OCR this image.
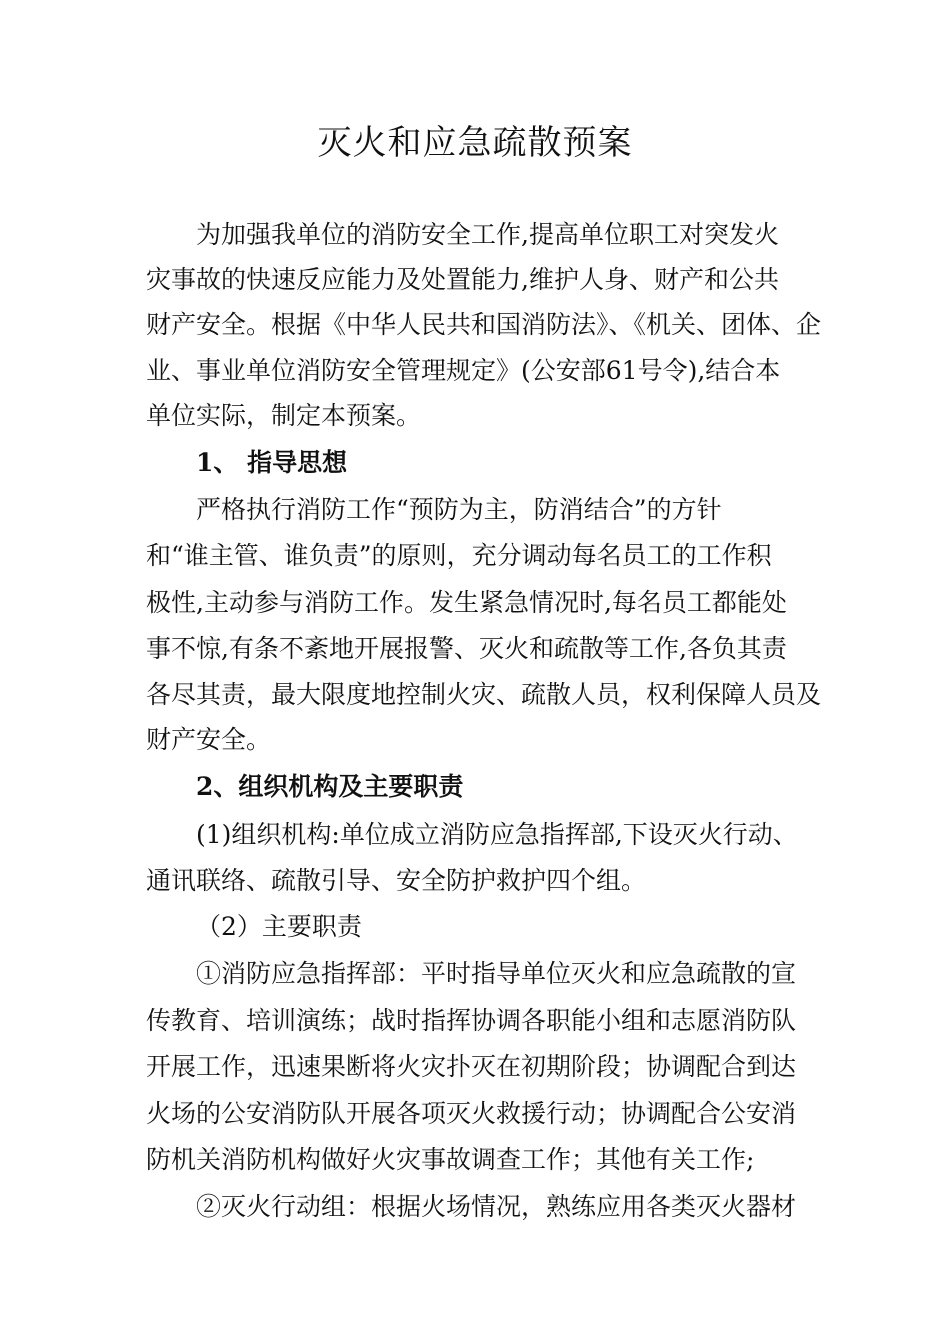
灭火和应急疏散预案
为加强我单位的消防安全工作,提高单位职工对突发火
灾事故的快速反应能力及处置能力,维护人身、财产和公共
财产安全。根据《中华人民共和国消防法》、《机关、团体、企
业、事业单位消防安全管理规定》(公安部61号令),结合本
单位实际，制定本预案。
1、 指导思想
严格执行消防工作“预防为主，防消结合”的方针
和“谁主管、谁负责”的原则，充分调动每名员工的工作积
极性,主动参与消防工作。发生紧急情况时,每名员工都能处
事不惊,有条不紊地开展报警、灭火和疏散等工作,各负其责
各尽其责，最大限度地控制火灾、疏散人员，权利保障人员及
财产安全。
2、组织机构及主要职责
(1)组织机构:单位成立消防应急指挥部,下设灭火行动、
通讯联络、疏散引导、安全防护救护四个组。
（2）主要职责
①消防应急指挥部：平时指导单位灭火和应急疏散的宣
传教育、培训演练；战时指挥协调各职能小组和志愿消防队
开展工作，迅速果断将火灾扑灭在初期阶段；协调配合到达
火场的公安消防队开展各项灭火救援行动；协调配合公安消
防机关消防机构做好火灾事故调查工作；其他有关工作;
②灭火行动组：根据火场情况，熟练应用各类灭火器材
